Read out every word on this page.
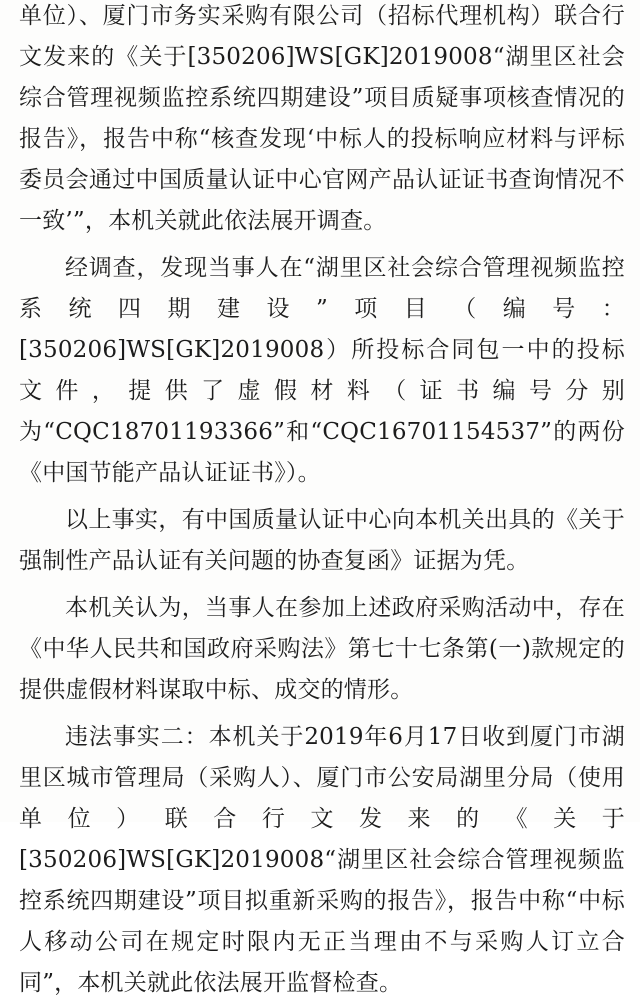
单位）、厦门市务实采购有限公司（招标代理机构）联合行文发来的《关于[350206]WS[GK]2019008“湖里区社会综合管理视频监控系统四期建设”项目质疑事项核查情况的报告》，报告中称“核查发现‘中标人的投标响应材料与评标委员会通过中国质量认证中心官网产品认证证书查询情况不一致’”，本机关就此依法展开调查。

经调查，发现当事人在“湖里区社会综合管理视频监控系统四期建设”项目（编号：[350206]WS[GK]2019008）所投标合同包一中的投标文件，提供了虚假材料（证书编号分别为“CQC18701193366”和“CQC16701154537”的两份《中国节能产品认证证书》）。

以上事实，有中国质量认证中心向本机关出具的《关于强制性产品认证有关问题的协查复函》证据为凭。

本机关认为，当事人在参加上述政府采购活动中，存在《中华人民共和国政府采购法》第七十七条第(一)款规定的提供虚假材料谋取中标、成交的情形。

违法事实二：本机关于2019年6月17日收到厦门市湖里区城市管理局（采购人）、厦门市公安局湖里分局（使用单位）联合行文发来的《关于[350206]WS[GK]2019008“湖里区社会综合管理视频监控系统四期建设”项目拟重新采购的报告》，报告中称“中标人移动公司在规定时限内无正当理由不与采购人订立合同”，本机关就此依法展开监督检查。
